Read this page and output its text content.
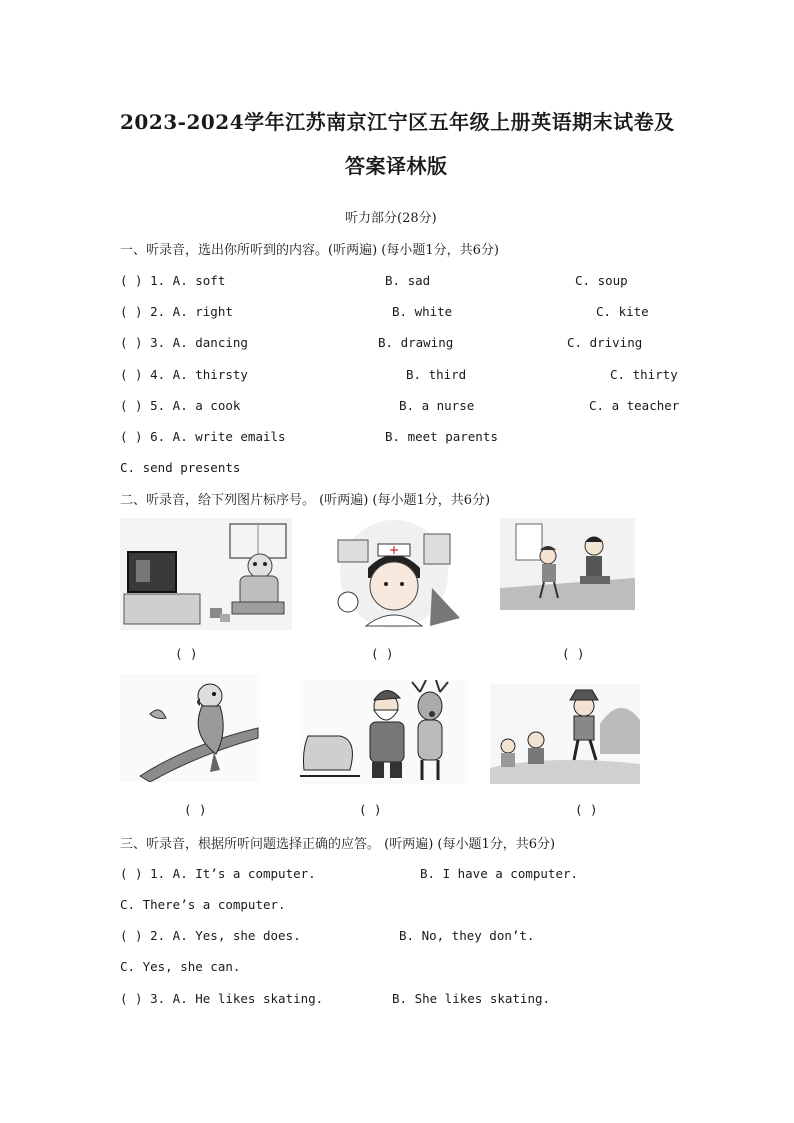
2023-2024学年江苏南京江宁区五年级上册英语期末试卷及
答案译林版
听力部分(28分)
一、听录音，选出你所听到的内容。(听两遍) (每小题1分，共6分)
( ) 1. A. soft	B. sad	C. soup
( ) 2. A. right	B. white	C. kite
( ) 3. A. dancing	B. drawing	C. driving
( ) 4. A. thirsty	B. third	C. thirty
( ) 5. A. a cook	B. a nurse	C. a teacher
( ) 6. A. write emails	B. meet parents
C. send presents
二、听录音，给下列图片标序号。 (听两遍) (每小题1分，共6分)
( )	( )	( )
( )	( )	( )
三、听录音，根据所听问题选择正确的应答。 (听两遍) (每小题1分，共6分)
( ) 1. A. It’s a computer.	B. I have a computer.
C. There’s a computer.
( ) 2. A. Yes, she does.	B. No, they don’t.
C. Yes, she can.
( ) 3. A. He likes skating.	B. She likes skating.
